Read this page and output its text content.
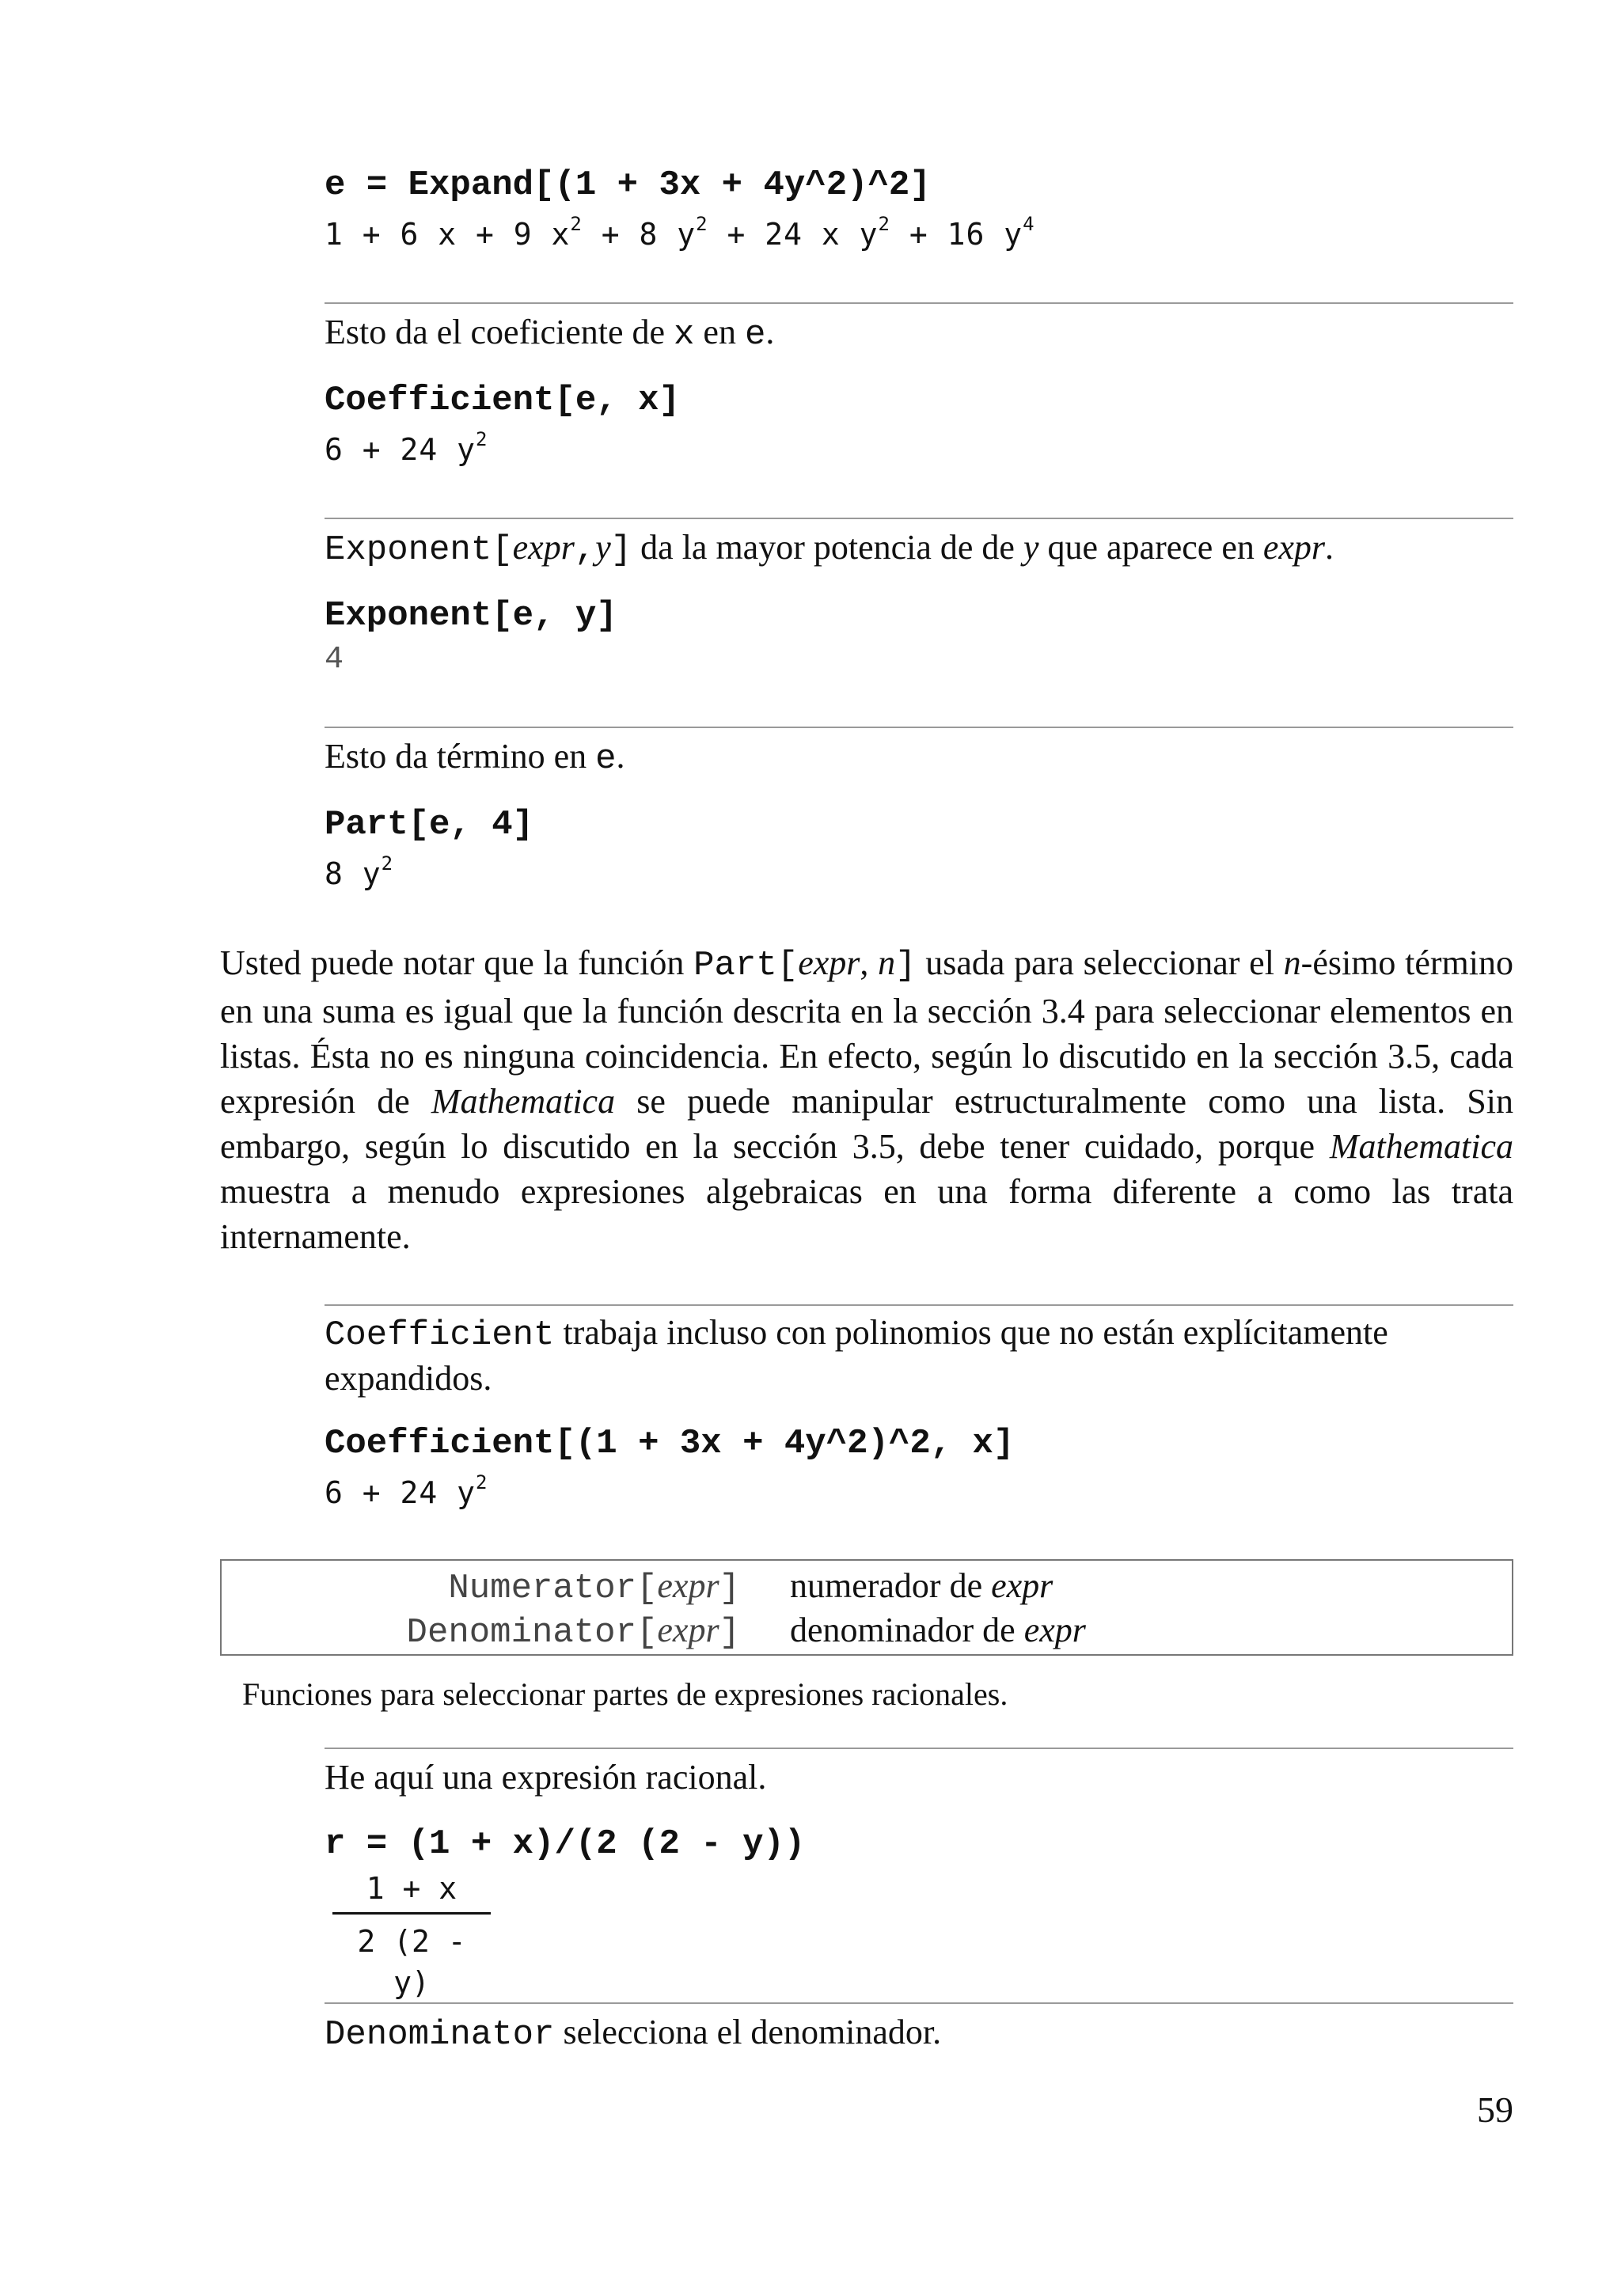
e = Expand[(1 + 3x + 4y^2)^2]
1 + 6 x + 9 $x^2 + 8$ $y^2 + 24$ x $y^2 + 16$ $y^4$
Esto da el coeficiente de x en e.
Coefficient[e, x]
6 + 24 $y^2$
Exponent[expr,y] da la mayor potencia de de y que aparece en expr.
Exponent[e, y]
4
Esto da término en e.
Part[e, 4]
8 $y^2$
Usted puede notar que la función Part[expr, n] usada para seleccionar el n-ésimo término en una suma es igual que la función descrita en la sección 3.4 para seleccionar elementos en listas. Ésta no es ninguna coincidencia. En efecto, según lo discutido en la sección 3.5, cada expresión de Mathematica se puede manipular estructuralmente como una lista. Sin embargo, según lo discutido en la sección 3.5, debe tener cuidado, porque Mathematica muestra a menudo expresiones algebraicas en una forma diferente a como las trata internamente.
Coefficient trabaja incluso con polinomios que no están explícitamente
expandidos.
Coefficient[(1 + 3x + 4y^2)^2, x]
6 + 24 $y^2$
Numerator[expr] numerador de expr
Denominator[expr] denominador de expr
Funciones para seleccionar partes de expresiones racionales.
He aquí una expresión racional.
r = (1 + x)/(2 (2 - y))
1 + x
2 (2 - y)
Denominator selecciona el denominador.
59
